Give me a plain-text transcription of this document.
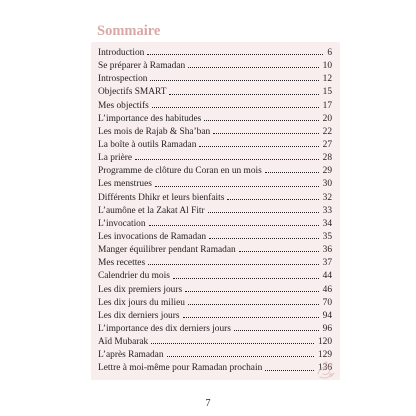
Sommaire
Introduction	6
Se préparer à Ramadan	10
Introspection	12
Objectifs SMART	15
Mes objectifs	17
L’importance des habitudes	20
Les mois de Rajab & Sha’ban	22
La boîte à outils Ramadan	27
La prière	28
Programme de clôture du Coran en un mois	29
Les menstrues	30
Différents Dhikr et leurs bienfaits	32
L’aumône et la Zakat Al Fitr	33
L’invocation	34
Les invocations de Ramadan	35
Manger équilibrer pendant Ramadan	36
Mes recettes	37
Calendrier du mois	44
Les dix premiers jours	46
Les dix jours du milieu	70
Les dix derniers jours	94
L’importance des dix derniers jours	96
Aïd Mubarak	120
L’après Ramadan	129
Lettre à moi-même pour Ramadan prochain	136
7
